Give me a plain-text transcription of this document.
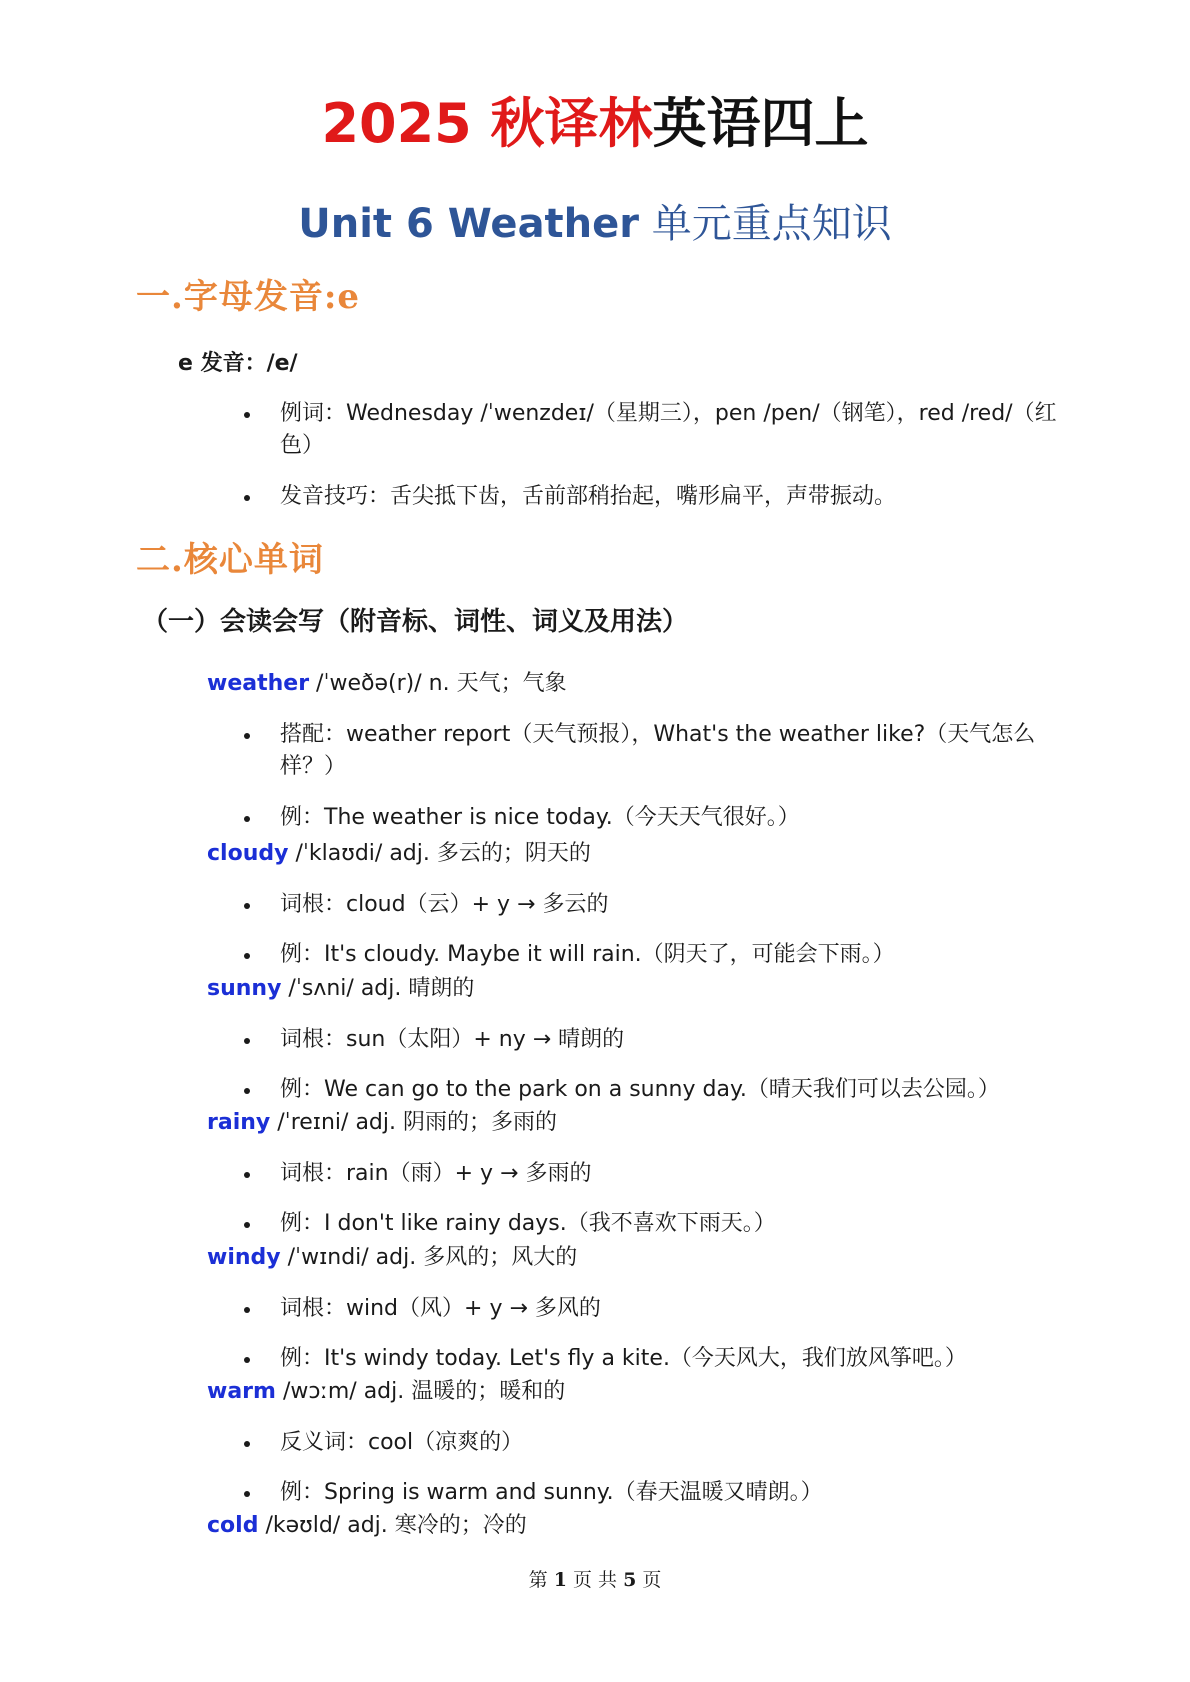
2025 秋译林英语四上
Unit 6 Weather 单元重点知识
一.字母发音:e
e 发音：/e/
例词：Wednesday /ˈwenzdeɪ/（星期三），pen /pen/（钢笔），red /red/（红色）
发音技巧：舌尖抵下齿，舌前部稍抬起，嘴形扁平，声带振动。
二.核心单词
（一）会读会写（附音标、词性、词义及用法）
weather /ˈweðə(r)/ n. 天气；气象
搭配：weather report（天气预报），What's the weather like?（天气怎么样？）
例：The weather is nice today.（今天天气很好。）
cloudy /ˈklaʊdi/ adj. 多云的；阴天的
词根：cloud（云）+ y → 多云的
例：It's cloudy. Maybe it will rain.（阴天了，可能会下雨。）
sunny /ˈsʌni/ adj. 晴朗的
词根：sun（太阳）+ ny → 晴朗的
例：We can go to the park on a sunny day.（晴天我们可以去公园。）
rainy /ˈreɪni/ adj. 阴雨的；多雨的
词根：rain（雨）+ y → 多雨的
例：I don't like rainy days.（我不喜欢下雨天。）
windy /ˈwɪndi/ adj. 多风的；风大的
词根：wind（风）+ y → 多风的
例：It's windy today. Let's fly a kite.（今天风大，我们放风筝吧。）
warm /wɔːm/ adj. 温暖的；暖和的
反义词：cool（凉爽的）
例：Spring is warm and sunny.（春天温暖又晴朗。）
cold /kəʊld/ adj. 寒冷的；冷的
第 1 页 共 5 页
